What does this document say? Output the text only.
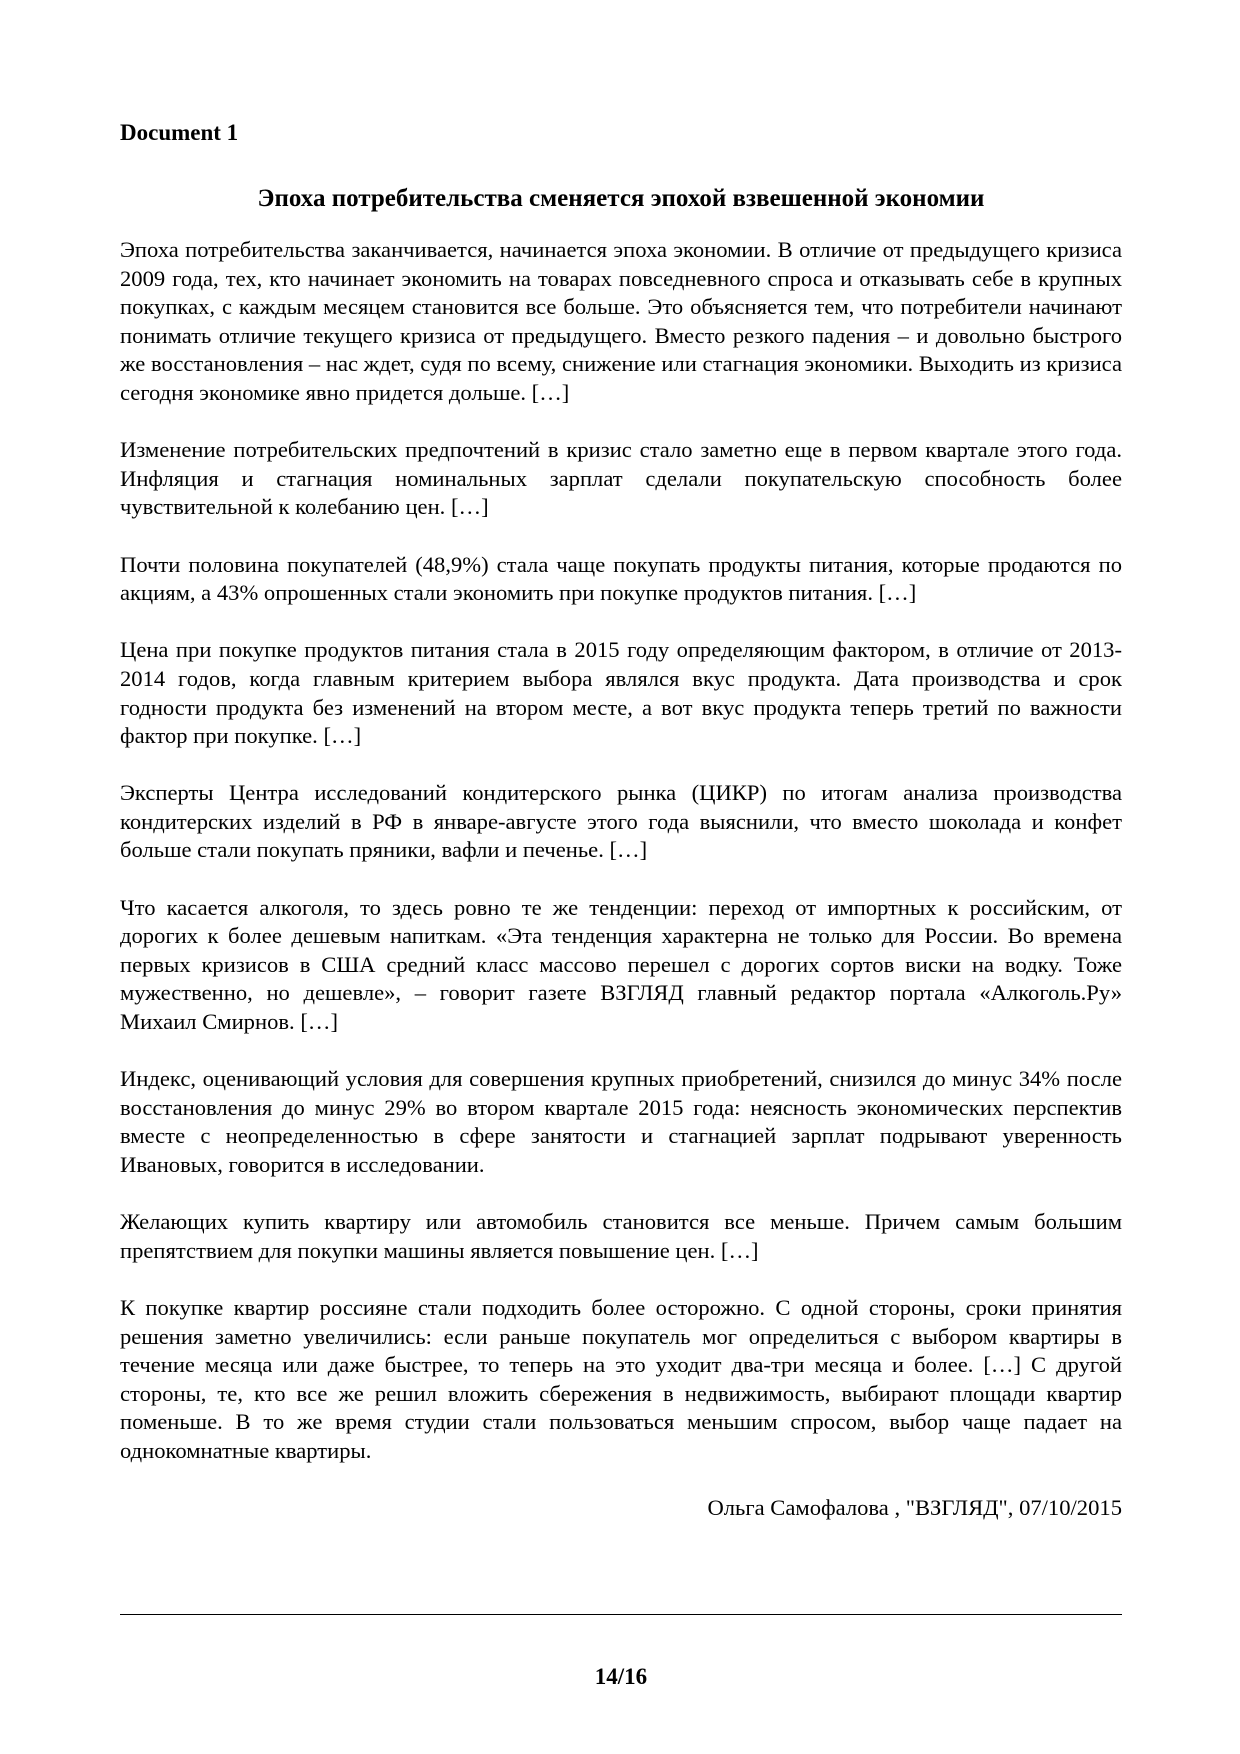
Document 1

Эпоха потребительства сменяется эпохой взвешенной экономии

Эпоха потребительства заканчивается, начинается эпоха экономии. В отличие от предыдущего кризиса 2009 года, тех, кто начинает экономить на товарах повседневного спроса и отказывать себе в крупных покупках, с каждым месяцем становится все больше. Это объясняется тем, что потребители начинают понимать отличие текущего кризиса от предыдущего. Вместо резкого падения – и довольно быстрого же восстановления – нас ждет, судя по всему, снижение или стагнация экономики. Выходить из кризиса сегодня экономике явно придется дольше. […]

Изменение потребительских предпочтений в кризис стало заметно еще в первом квартале этого года. Инфляция и стагнация номинальных зарплат сделали покупательскую способность более чувствительной к колебанию цен. […]

Почти половина покупателей (48,9%) стала чаще покупать продукты питания, которые продаются по акциям, а 43% опрошенных стали экономить при покупке продуктов питания. […]

Цена при покупке продуктов питания стала в 2015 году определяющим фактором, в отличие от 2013-2014 годов, когда главным критерием выбора являлся вкус продукта. Дата производства и срок годности продукта без изменений на втором месте, а вот вкус продукта теперь третий по важности фактор при покупке. […]

Эксперты Центра исследований кондитерского рынка (ЦИКР) по итогам анализа производства кондитерских изделий в РФ в январе-августе этого года выяснили, что вместо шоколада и конфет больше стали покупать пряники, вафли и печенье. […]

Что касается алкоголя, то здесь ровно те же тенденции: переход от импортных к российским, от дорогих к более дешевым напиткам. «Эта тенденция характерна не только для России. Во времена первых кризисов в США средний класс массово перешел с дорогих сортов виски на водку. Тоже мужественно, но дешевле», – говорит газете ВЗГЛЯД главный редактор портала «Алкоголь.Ру» Михаил Смирнов. […]

Индекс, оценивающий условия для совершения крупных приобретений, снизился до минус 34% после восстановления до минус 29% во втором квартале 2015 года: неясность экономических перспектив вместе с неопределенностью в сфере занятости и стагнацией зарплат подрывают уверенность Ивановых, говорится в исследовании.

Желающих купить квартиру или автомобиль становится все меньше. Причем самым большим препятствием для покупки машины является повышение цен. […]

К покупке квартир россияне стали подходить более осторожно. С одной стороны, сроки принятия решения заметно увеличились: если раньше покупатель мог определиться с выбором квартиры в течение месяца или даже быстрее, то теперь на это уходит два-три месяца и более. […] С другой стороны, те, кто все же решил вложить сбережения в недвижимость, выбирают площади квартир поменьше. В то же время студии стали пользоваться меньшим спросом, выбор чаще падает на однокомнатные квартиры.

Ольга Самофалова , "ВЗГЛЯД", 07/10/2015

14/16
